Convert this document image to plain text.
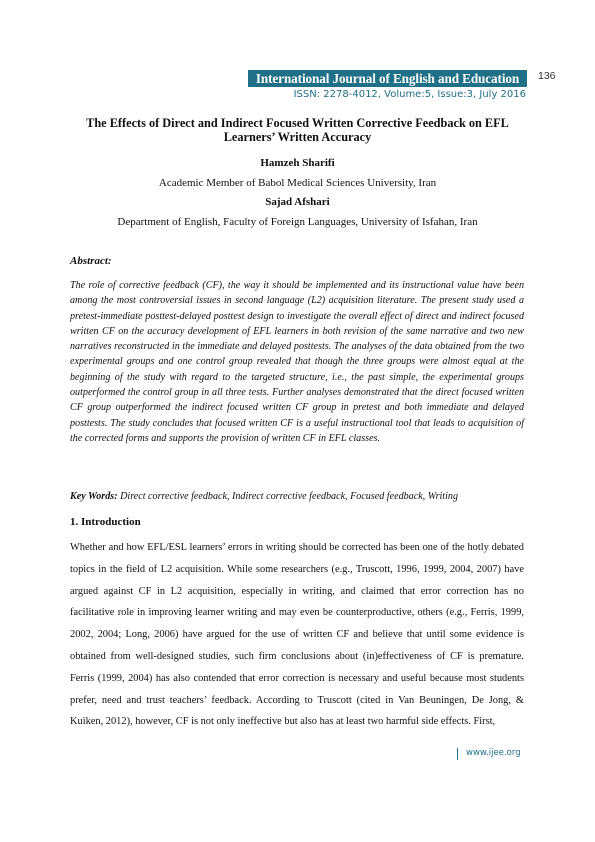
International Journal of English and Education	136
ISSN: 2278-4012, Volume:5, Issue:3, July 2016
The Effects of Direct and Indirect Focused Written Corrective Feedback on EFL Learners’ Written Accuracy
Hamzeh Sharifi
Academic Member of Babol Medical Sciences University, Iran
Sajad Afshari
Department of English, Faculty of Foreign Languages, University of Isfahan, Iran
Abstract:
The role of corrective feedback (CF), the way it should be implemented and its instructional value have been among the most controversial issues in second language (L2) acquisition literature. The present study used a pretest-immediate posttest-delayed posttest design to investigate the overall effect of direct and indirect focused written CF on the accuracy development of EFL learners in both revision of the same narrative and two new narratives reconstructed in the immediate and delayed posttests. The analyses of the data obtained from the two experimental groups and one control group revealed that though the three groups were almost equal at the beginning of the study with regard to the targeted structure, i.e., the past simple, the experimental groups outperformed the control group in all three tests. Further analyses demonstrated that the direct focused written CF group outperformed the indirect focused written CF group in pretest and both immediate and delayed posttests. The study concludes that focused written CF is a useful instructional tool that leads to acquisition of the corrected forms and supports the provision of written CF in EFL classes.
Key Words: Direct corrective feedback, Indirect corrective feedback, Focused feedback, Writing
1. Introduction
Whether and how EFL/ESL learners’ errors in writing should be corrected has been one of the hotly debated topics in the field of L2 acquisition. While some researchers (e.g., Truscott, 1996, 1999, 2004, 2007) have argued against CF in L2 acquisition, especially in writing, and claimed that error correction has no facilitative role in improving learner writing and may even be counterproductive, others (e.g., Ferris, 1999, 2002, 2004; Long, 2006) have argued for the use of written CF and believe that until some evidence is obtained from well-designed studies, such firm conclusions about (in)effectiveness of CF is premature. Ferris (1999, 2004) has also contended that error correction is necessary and useful because most students prefer, need and trust teachers’ feedback. According to Truscott (cited in Van Beuningen, De Jong, & Kuiken, 2012), however, CF is not only ineffective but also has at least two harmful side effects. First,
www.ijee.org
